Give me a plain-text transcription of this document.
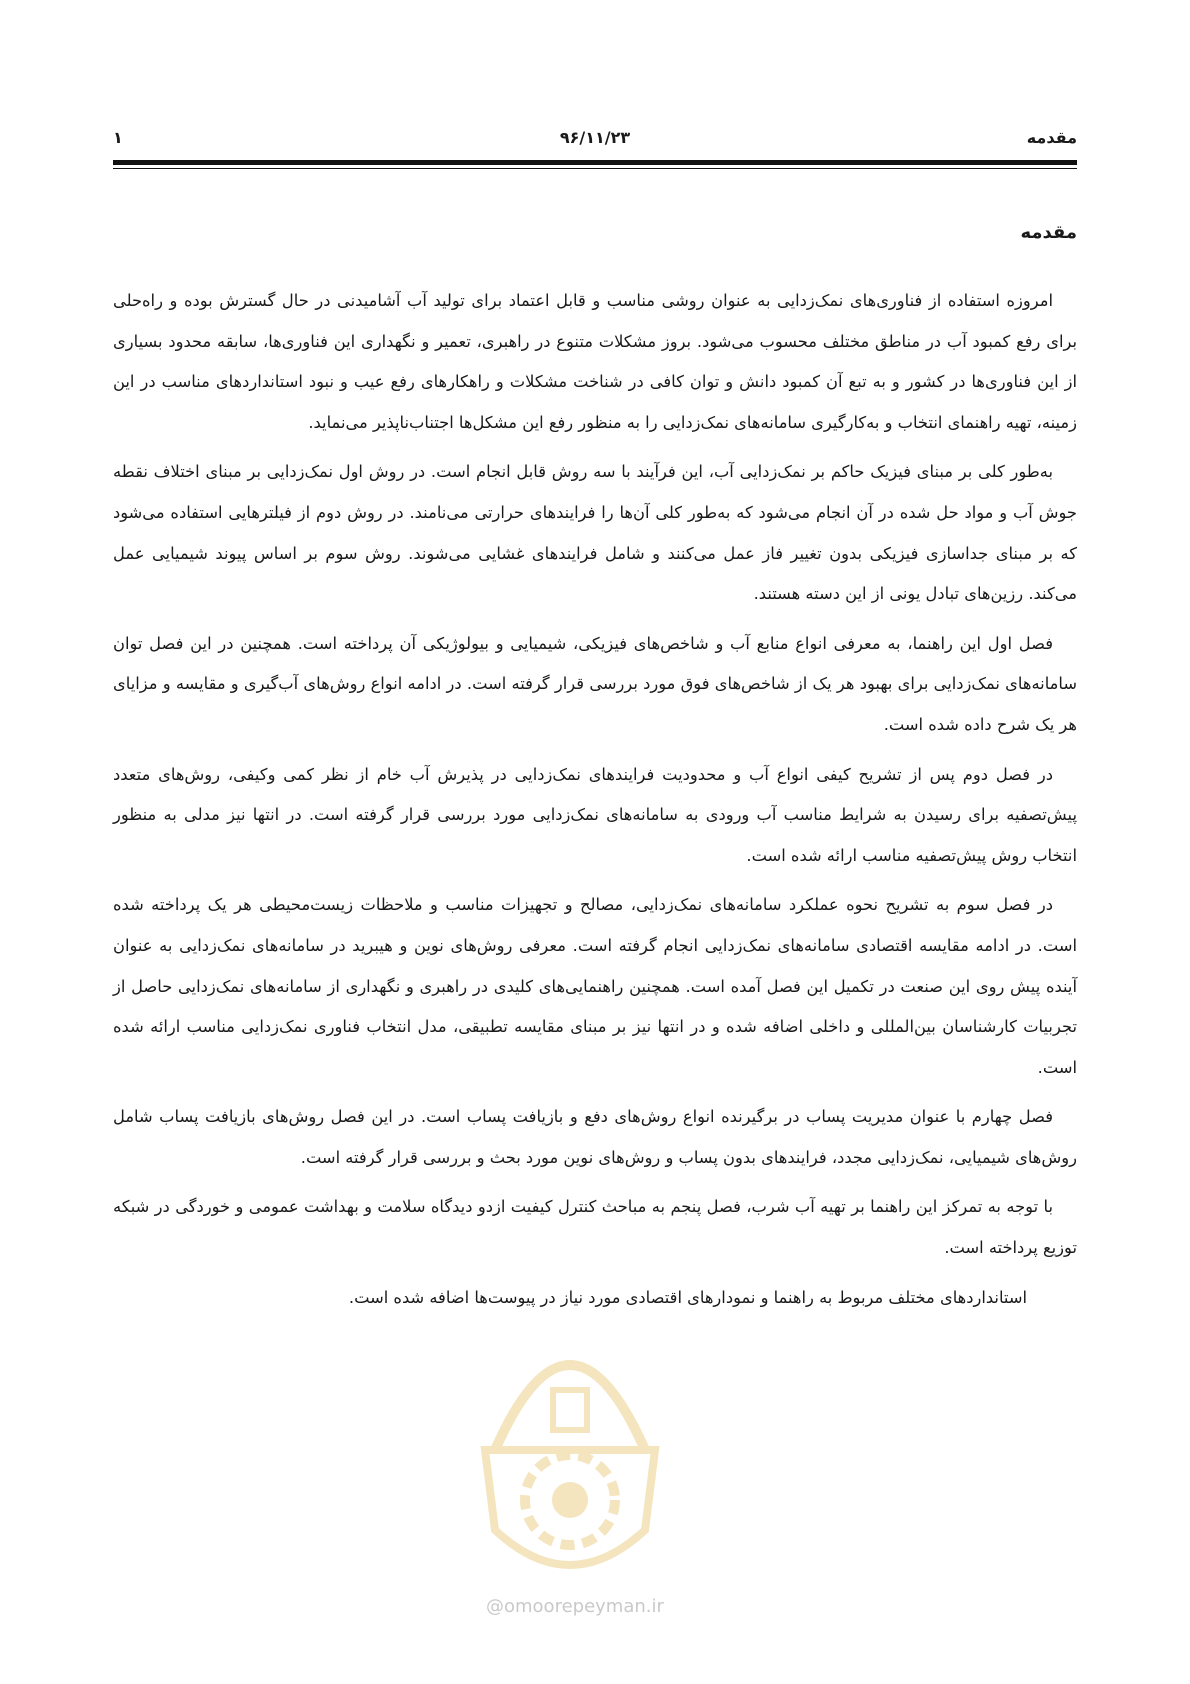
مقدمه
۹۶/۱۱/۲۳
۱
مقدمه

امروزه استفاده از فناوری‌های نمک‌زدایی به عنوان روشی مناسب و قابل اعتماد برای تولید آب آشامیدنی در حال گسترش بوده و راه‌حلی برای رفع کمبود آب در مناطق مختلف محسوب می‌شود. بروز مشکلات متنوع در راهبری، تعمیر و نگهداری این فناوری‌ها، سابقه محدود بسیاری از این فناوری‌ها در کشور و به تبع آن کمبود دانش و توان کافی در شناخت مشکلات و راهکارهای رفع عیب و نبود استانداردهای مناسب در این زمینه، تهیه راهنمای انتخاب و به‌کارگیری سامانه‌های نمک‌زدایی را به منظور رفع این مشکل‌ها اجتناب‌ناپذیر می‌نماید.

به‌طور کلی بر مبنای فیزیک حاکم بر نمک‌زدایی آب، این فرآیند با سه روش قابل انجام است. در روش اول نمک‌زدایی بر مبنای اختلاف نقطه جوش آب و مواد حل شده در آن انجام می‌شود که به‌طور کلی آن‌ها را فرایندهای حرارتی می‌نامند. در روش دوم از فیلترهایی استفاده می‌شود که بر مبنای جداسازی فیزیکی بدون تغییر فاز عمل می‌کنند و شامل فرایندهای غشایی می‌شوند. روش سوم بر اساس پیوند شیمیایی عمل می‌کند. رزین‌های تبادل یونی از این دسته هستند.

فصل اول این راهنما، به معرفی انواع منابع آب و شاخص‌های فیزیکی، شیمیایی و بیولوژیکی آن پرداخته است. همچنین در این فصل توان سامانه‌های نمک‌زدایی برای بهبود هر یک از شاخص‌های فوق مورد بررسی قرار گرفته است. در ادامه انواع روش‌های آب‌گیری و مقایسه و مزایای هر یک شرح داده شده است.

در فصل دوم پس از تشریح کیفی انواع آب و محدودیت فرایندهای نمک‌زدایی در پذیرش آب خام از نظر کمی وکیفی، روش‌های متعدد پیش‌تصفیه برای رسیدن به شرایط مناسب آب ورودی به سامانه‌های نمک‌زدایی مورد بررسی قرار گرفته است. در انتها نیز مدلی به منظور انتخاب روش پیش‌تصفیه مناسب ارائه شده است.

در فصل سوم به تشریح نحوه عملکرد سامانه‌های نمک‌زدایی، مصالح و تجهیزات مناسب و ملاحظات زیست‌محیطی هر یک پرداخته شده است. در ادامه مقایسه اقتصادی سامانه‌های نمک‌زدایی انجام گرفته است. معرفی روش‌های نوین و هیبرید در سامانه‌های نمک‌زدایی به عنوان آینده پیش روی این صنعت در تکمیل این فصل آمده است. همچنین راهنمایی‌های کلیدی در راهبری و نگهداری از سامانه‌های نمک‌زدایی حاصل از تجربیات کارشناسان بین‌المللی و داخلی اضافه شده و در انتها نیز بر مبنای مقایسه تطبیقی، مدل انتخاب فناوری نمک‌زدایی مناسب ارائه شده است.

فصل چهارم با عنوان مدیریت پساب در برگیرنده انواع روش‌های دفع و بازیافت پساب است. در این فصل روش‌های بازیافت پساب شامل روش‌های شیمیایی، نمک‌زدایی مجدد، فرایندهای بدون پساب و روش‌های نوین مورد بحث و بررسی قرار گرفته است.

با توجه به تمرکز این راهنما بر تهیه آب شرب، فصل پنجم به مباحث کنترل کیفیت ازدو دیدگاه سلامت و بهداشت عمومی و خوردگی در شبکه توزیع پرداخته است.

استانداردهای مختلف مربوط به راهنما و نمودارهای اقتصادی مورد نیاز در پیوست‌ها اضافه شده است.

@omoorepeyman.ir
